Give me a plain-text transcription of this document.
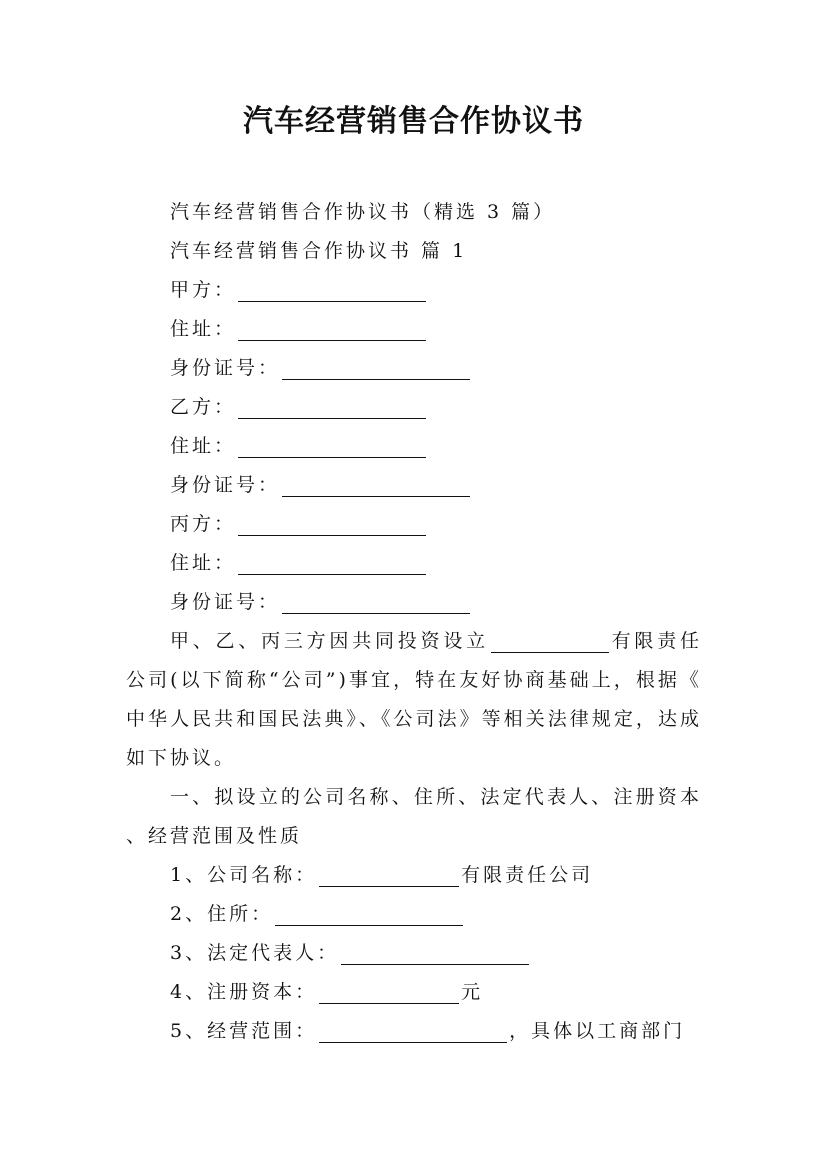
汽车经营销售合作协议书
汽车经营销售合作协议书（精选 3 篇）
汽车经营销售合作协议书 篇 1
甲方：
住址：
身份证号：
乙方：
住址：
身份证号：
丙方：
住址：
身份证号：
甲、乙、丙三方因共同投资设立	有限责任公司(以下简称“公司”)事宜，特在友好协商基础上，根据《中华人民共和国民法典》、《公司法》等相关法律规定，达成如下协议。
一、拟设立的公司名称、住所、法定代表人、注册资本、经营范围及性质
1、公司名称：	有限责任公司
2、住所：
3、法定代表人：
4、注册资本：	元
5、经营范围：	，具体以工商部门
